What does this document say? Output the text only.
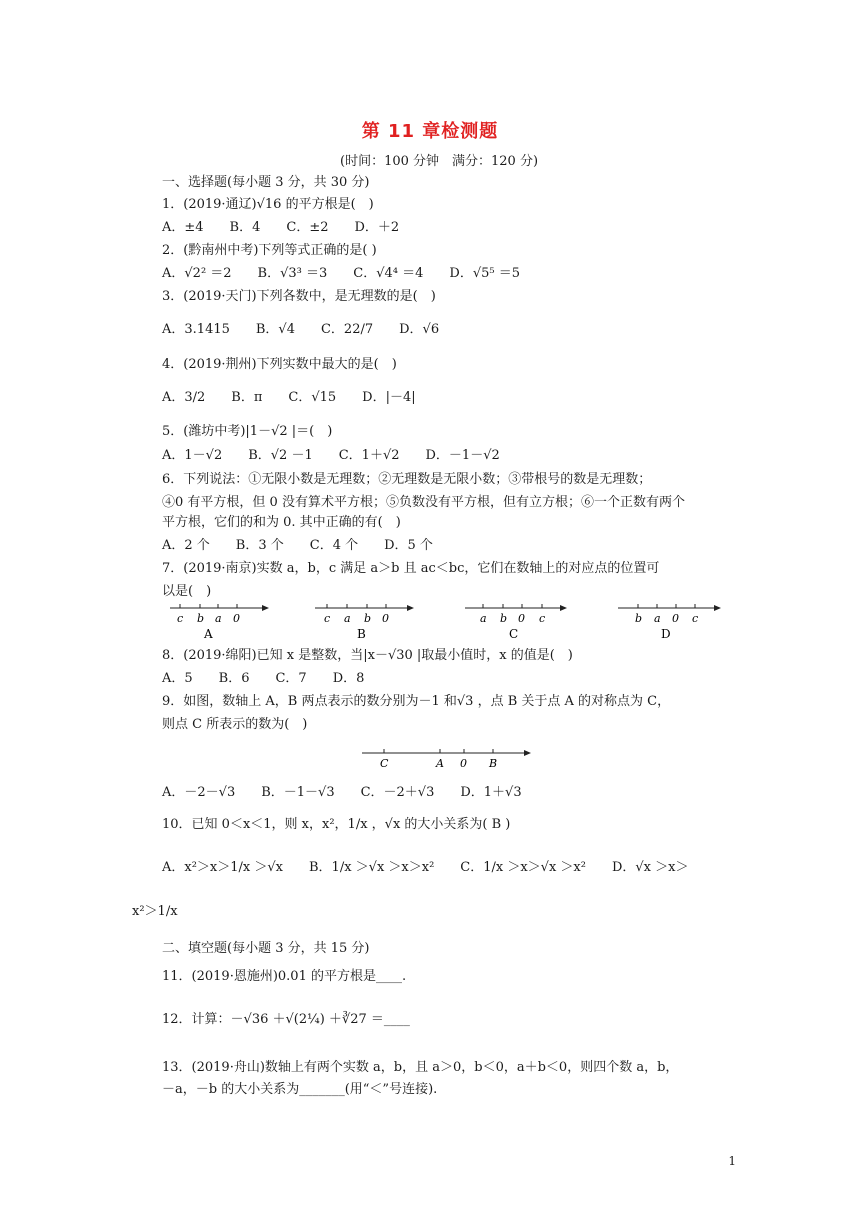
第 11 章检测题
(时间：100 分钟　满分：120 分)
一、选择题(每小题 3 分，共 30 分)
1．(2019·通辽)√16 的平方根是(　)
A．±4　　B．4　　C．±2　　D．＋2
2．(黔南州中考)下列等式正确的是( )
A．√2² ＝2　　B．√3³ ＝3　　C．√4⁴ ＝4　　D．√5⁵ ＝5
3．(2019·天门)下列各数中，是无理数的是(　)
A．3.1415　　B．√4　　C．22/7　　D．√6
4．(2019·荆州)下列实数中最大的是(　)
A．3/2　　B．π　　C．√15　　D．|－4|
5．(潍坊中考)|1－√2 |＝(　)
A．1－√2　　B．√2 －1　　C．1＋√2　　D．－1－√2
6．下列说法：①无限小数是无理数；②无理数是无限小数；③带根号的数是无理数；
④0 有平方根，但 0 没有算术平方根；⑤负数没有平方根，但有立方根；⑥一个正数有两个
平方根，它们的和为 0. 其中正确的有(　)
A．2 个　　B．3 个　　C．4 个　　D．5 个
7．(2019·南京)实数 a，b，c 满足 a＞b 且 ac＜bc，它们在数轴上的对应点的位置可
以是(　)
c b a 0
A
c a b 0
B
a b 0 c
C
b a 0 c
D
8．(2019·绵阳)已知 x 是整数，当|x－√30 |取最小值时，x 的值是(　)
A．5　　B．6　　C．7　　D．8
9．如图，数轴上 A，B 两点表示的数分别为－1 和√3 ，点 B 关于点 A 的对称点为 C，
则点 C 所表示的数为(　)
C	A 0 B
A．－2－√3　　B．－1－√3　　C．－2＋√3　　D．1＋√3
10．已知 0＜x＜1，则 x，x²，1/x ，√x 的大小关系为( B )
A．x²＞x＞1/x ＞√x　　B．1/x ＞√x ＞x＞x²　　C．1/x ＞x＞√x ＞x²　　D．√x ＞x＞
x²＞1/x
二、填空题(每小题 3 分，共 15 分)
11．(2019·恩施州)0.01 的平方根是____.
12．计算：－√36 ＋√(2¼) ＋∛27 ＝____
13．(2019·舟山)数轴上有两个实数 a，b，且 a＞0，b＜0，a＋b＜0，则四个数 a，b，
－a，－b 的大小关系为_______(用“＜”号连接).
1
